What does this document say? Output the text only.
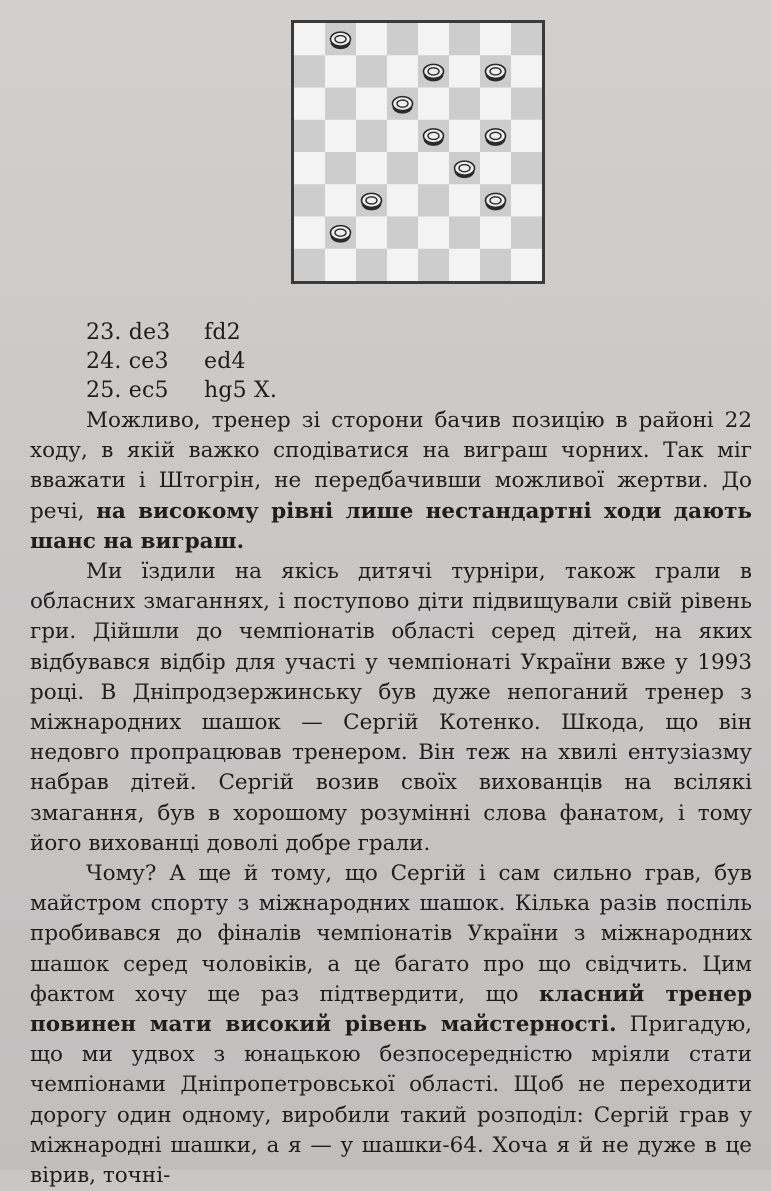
23. de3 fd2
24. ce3 ed4
25. ec5 hg5 Х.

Можливо, тренер зі сторони бачив позицію в районі 22 ходу, в якій важко сподіватися на виграш чорних. Так міг вважати і Штогрін, не передбачивши можливої жертви. До речі, на високому рівні лише нестандартні ходи дають шанс на виграш.

Ми їздили на якісь дитячі турніри, також грали в обласних змаганнях, і поступово діти підвищували свій рівень гри. Дійшли до чемпіонатів області серед дітей, на яких відбувався відбір для участі у чемпіонаті України вже у 1993 році. В Дніпродзержинську був дуже непоганий тренер з міжнародних шашок — Сергій Котенко. Шкода, що він недовго пропрацював тренером. Він теж на хвилі ентузіазму набрав дітей. Сергій возив своїх вихованців на всілякі змагання, був в хорошому розумінні слова фанатом, і тому його вихованці доволі добре грали.

Чому? А ще й тому, що Сергій і сам сильно грав, був майстром спорту з міжнародних шашок. Кілька разів поспіль пробивався до фіналів чемпіонатів України з міжнародних шашок серед чоловіків, а це багато про що свідчить. Цим фактом хочу ще раз підтвердити, що класний тренер повинен мати високий рівень майстерності. Пригадую, що ми удвох з юнацькою безпосередністю мріяли стати чемпіонами Дніпропетровської області. Щоб не переходити дорогу один одному, виробили такий розподіл: Сергій грав у міжнародні шашки, а я — у шашки-64. Хоча я й не дуже в це вірив, точні-
